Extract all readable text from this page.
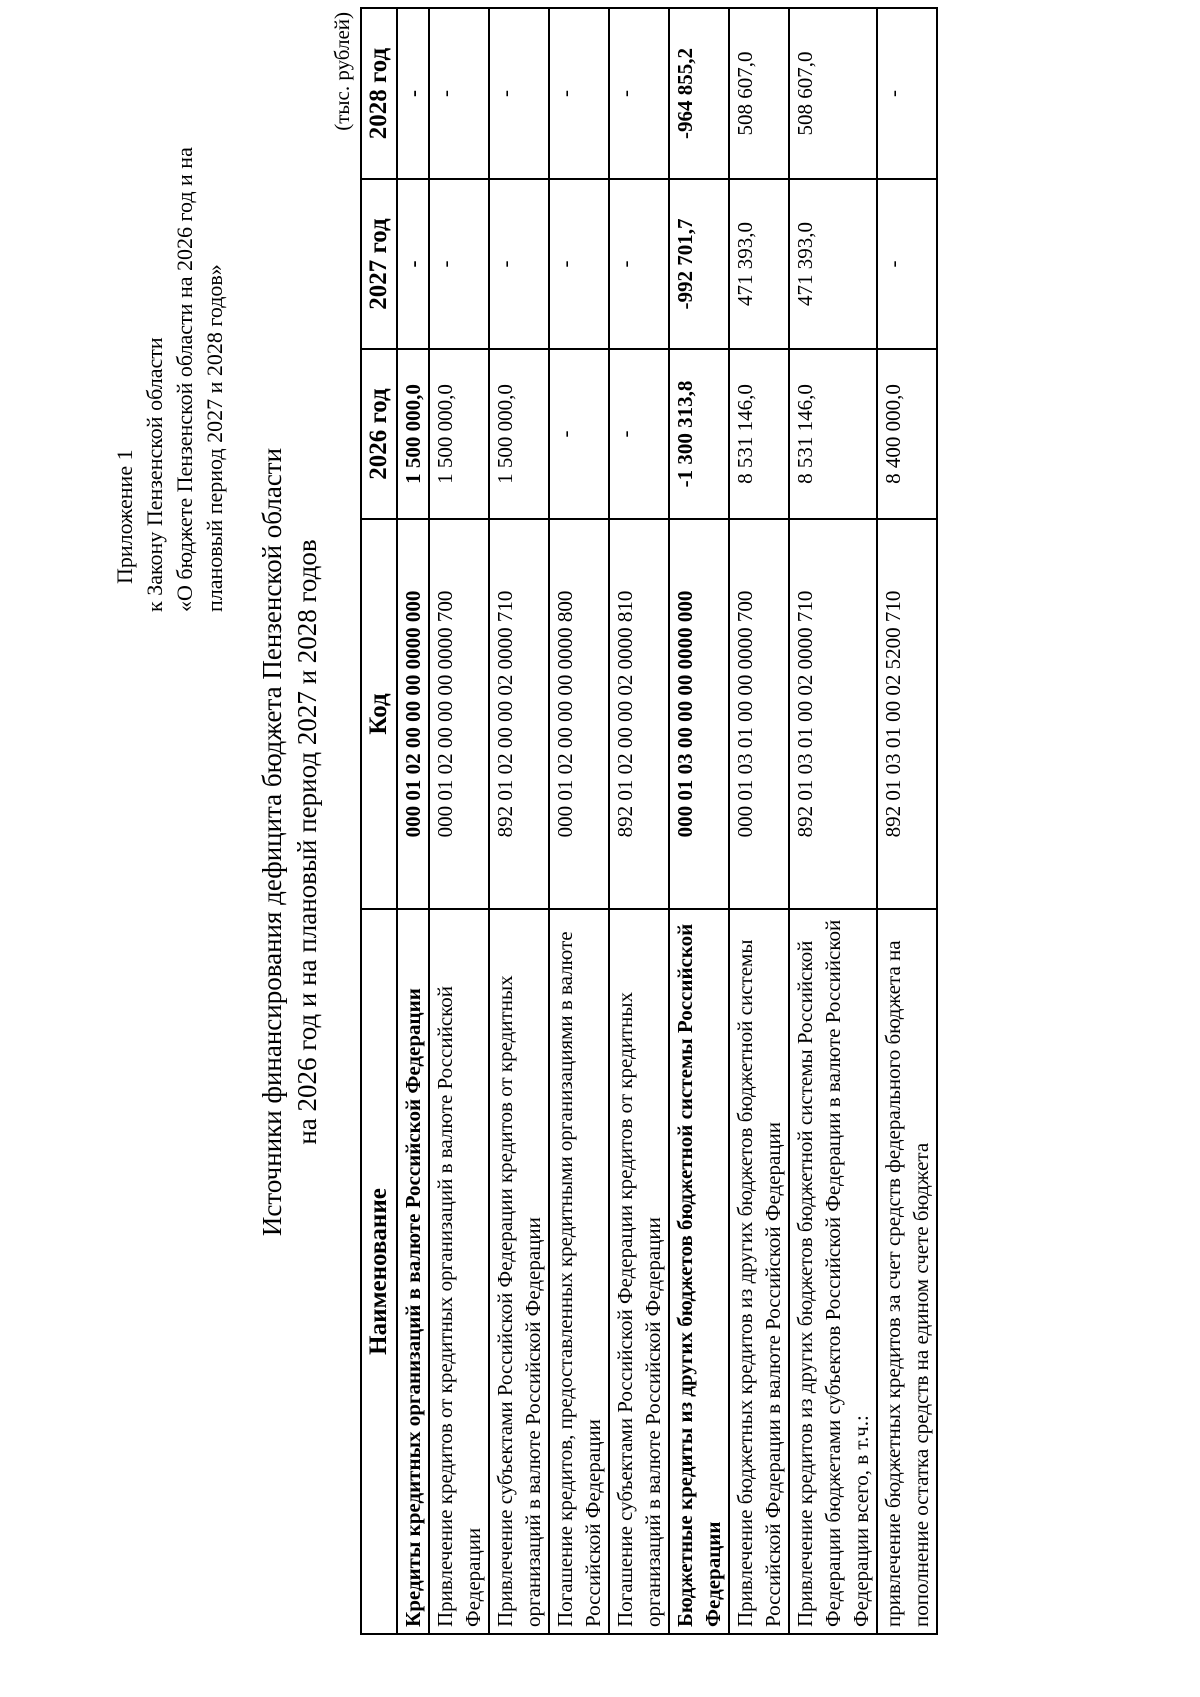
Приложение 1 к Закону Пензенской области «О бюджете Пензенской области на 2026 год и на плановый период 2027 и 2028 годов»
Источники финансирования дефицита бюджета Пензенской области на 2026 год и на плановый период 2027 и 2028 годов
(тыс. рублей)
Наименование	Код	2026 год	2027 год	2028 год
Кредиты кредитных организаций в валюте Российской Федерации	000 01 02 00 00 00 0000 000	1 500 000,0	-	-
Привлечение кредитов от кредитных организаций в валюте Российской Федерации	000 01 02 00 00 00 0000 700	1 500 000,0	-	-
Привлечение субъектами Российской Федерации кредитов от кредитных организаций в валюте Российской Федерации	892 01 02 00 00 02 0000 710	1 500 000,0	-	-
Погашение кредитов, предоставленных кредитными организациями в валюте Российской Федерации	000 01 02 00 00 00 0000 800	-	-	-
Погашение субъектами Российской Федерации кредитов от кредитных организаций в валюте Российской Федерации	892 01 02 00 00 02 0000 810	-	-	-
Бюджетные кредиты из других бюджетов бюджетной системы Российской Федерации	000 01 03 00 00 00 0000 000	-1 300 313,8	-992 701,7	-964 855,2
Привлечение бюджетных кредитов из других бюджетов бюджетной системы Российской Федерации в валюте Российской Федерации	000 01 03 01 00 00 0000 700	8 531 146,0	471 393,0	508 607,0
Привлечение кредитов из других бюджетов бюджетной системы Российской Федерации бюджетами субъектов Российской Федерации в валюте Российской Федерации всего, в т.ч.:	892 01 03 01 00 02 0000 710	8 531 146,0	471 393,0	508 607,0
привлечение бюджетных кредитов за счет средств федерального бюджета на пополнение остатка средств на едином счете бюджета	892 01 03 01 00 02 5200 710	8 400 000,0	-	-
